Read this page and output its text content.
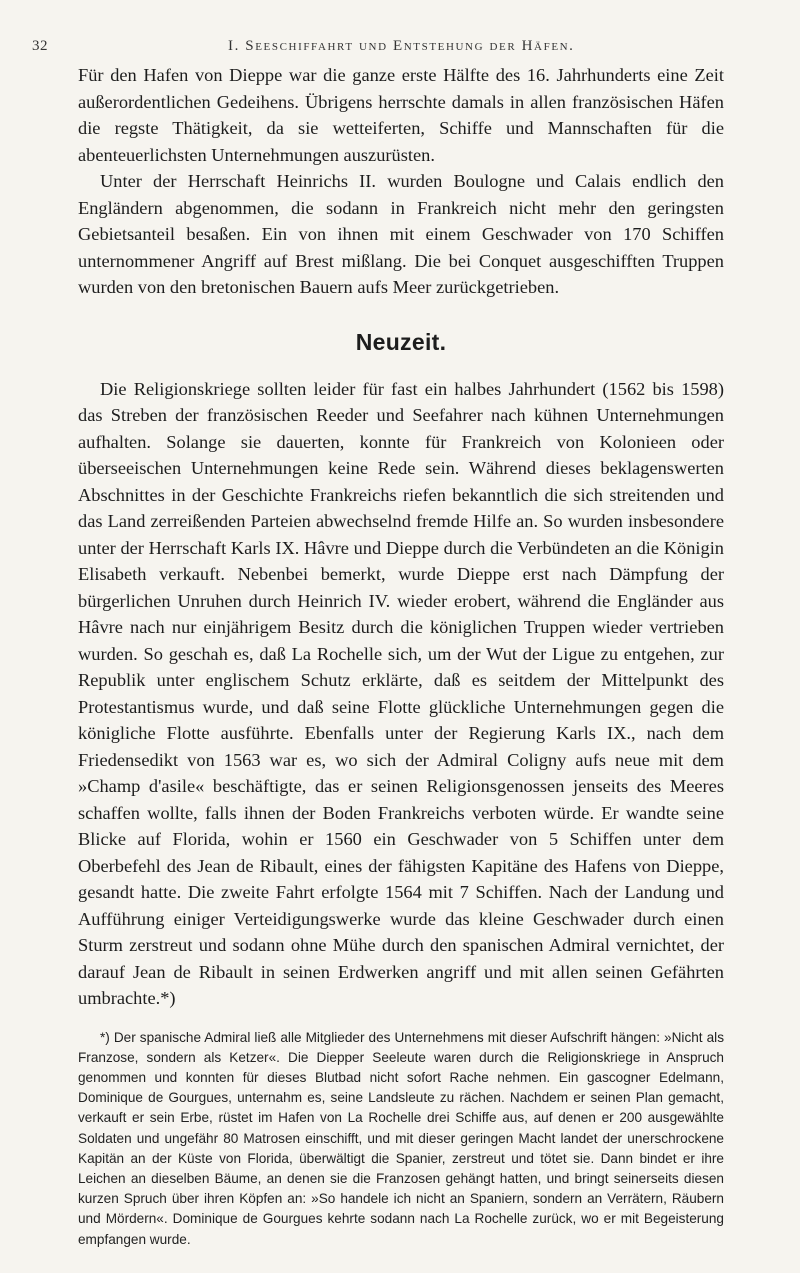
32	I. Seeschiffahrt und Entstehung der Häfen.

Für den Hafen von Dieppe war die ganze erste Hälfte des 16. Jahrhunderts eine Zeit außerordentlichen Gedeihens. Übrigens herrschte damals in allen französischen Häfen die regste Thätigkeit, da sie wetteiferten, Schiffe und Mannschaften für die abenteuerlichsten Unternehmungen auszurüsten.

Unter der Herrschaft Heinrichs II. wurden Boulogne und Calais endlich den Engländern abgenommen, die sodann in Frankreich nicht mehr den geringsten Gebietsanteil besaßen. Ein von ihnen mit einem Geschwader von 170 Schiffen unternommener Angriff auf Brest mißlang. Die bei Conquet ausgeschifften Truppen wurden von den bretonischen Bauern aufs Meer zurückgetrieben.

Neuzeit.

Die Religionskriege sollten leider für fast ein halbes Jahrhundert (1562 bis 1598) das Streben der französischen Reeder und Seefahrer nach kühnen Unternehmungen aufhalten. Solange sie dauerten, konnte für Frankreich von Kolonieen oder überseeischen Unternehmungen keine Rede sein. Während dieses beklagenswerten Abschnittes in der Geschichte Frankreichs riefen bekanntlich die sich streitenden und das Land zerreißenden Parteien abwechselnd fremde Hilfe an. So wurden insbesondere unter der Herrschaft Karls IX. Hâvre und Dieppe durch die Verbündeten an die Königin Elisabeth verkauft. Nebenbei bemerkt, wurde Dieppe erst nach Dämpfung der bürgerlichen Unruhen durch Heinrich IV. wieder erobert, während die Engländer aus Hâvre nach nur einjährigem Besitz durch die königlichen Truppen wieder vertrieben wurden. So geschah es, daß La Rochelle sich, um der Wut der Ligue zu entgehen, zur Republik unter englischem Schutz erklärte, daß es seitdem der Mittelpunkt des Protestantismus wurde, und daß seine Flotte glückliche Unternehmungen gegen die königliche Flotte ausführte. Ebenfalls unter der Regierung Karls IX., nach dem Friedensedikt von 1563 war es, wo sich der Admiral Coligny aufs neue mit dem »Champ d'asile« beschäftigte, das er seinen Religionsgenossen jenseits des Meeres schaffen wollte, falls ihnen der Boden Frankreichs verboten würde. Er wandte seine Blicke auf Florida, wohin er 1560 ein Geschwader von 5 Schiffen unter dem Oberbefehl des Jean de Ribault, eines der fähigsten Kapitäne des Hafens von Dieppe, gesandt hatte. Die zweite Fahrt erfolgte 1564 mit 7 Schiffen. Nach der Landung und Aufführung einiger Verteidigungswerke wurde das kleine Geschwader durch einen Sturm zerstreut und sodann ohne Mühe durch den spanischen Admiral vernichtet, der darauf Jean de Ribault in seinen Erdwerken angriff und mit allen seinen Gefährten umbrachte.*)

*) Der spanische Admiral ließ alle Mitglieder des Unternehmens mit dieser Aufschrift hängen: »Nicht als Franzose, sondern als Ketzer«. Die Diepper Seeleute waren durch die Religionskriege in Anspruch genommen und konnten für dieses Blutbad nicht sofort Rache nehmen. Ein gascogner Edelmann, Dominique de Gourgues, unternahm es, seine Landsleute zu rächen. Nachdem er seinen Plan gemacht, verkauft er sein Erbe, rüstet im Hafen von La Rochelle drei Schiffe aus, auf denen er 200 ausgewählte Soldaten und ungefähr 80 Matrosen einschifft, und mit dieser geringen Macht landet der unerschrockene Kapitän an der Küste von Florida, überwältigt die Spanier, zerstreut und tötet sie. Dann bindet er ihre Leichen an dieselben Bäume, an denen sie die Franzosen gehängt hatten, und bringt seinerseits diesen kurzen Spruch über ihren Köpfen an: »So handele ich nicht an Spaniern, sondern an Verrätern, Räubern und Mördern«. Dominique de Gourgues kehrte sodann nach La Rochelle zurück, wo er mit Begeisterung empfangen wurde.
